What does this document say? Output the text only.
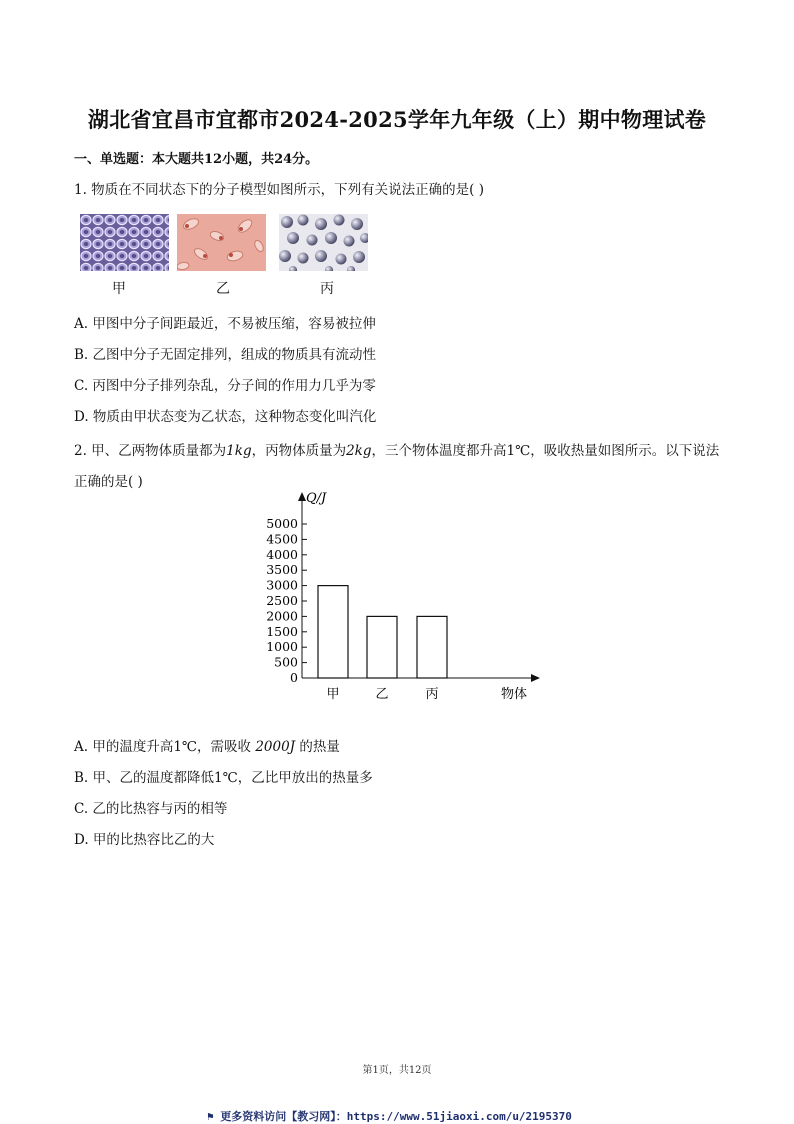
湖北省宜昌市宜都市2024-2025学年九年级（上）期中物理试卷
一、单选题：本大题共12小题，共24分。
1. 物质在不同状态下的分子模型如图所示，下列有关说法正确的是( )
甲	乙	丙
A. 甲图中分子间距最近，不易被压缩，容易被拉伸
B. 乙图中分子无固定排列，组成的物质具有流动性
C. 丙图中分子排列杂乱，分子间的作用力几乎为零
D. 物质由甲状态变为乙状态，这种物态变化叫汽化
2. 甲、乙两物体质量都为1kg，丙物体质量为2kg，三个物体温度都升高1℃，吸收热量如图所示。以下说法正确的是( )
Q/J
物体
0
500
1000
1500
2000
2500
3000
3500
4000
4500
5000
甲	乙	丙
A. 甲的温度升高1℃，需吸收 2000J 的热量
B. 甲、乙的温度都降低1℃，乙比甲放出的热量多
C. 乙的比热容与丙的相等
D. 甲的比热容比乙的大
第1页，共12页
⚑ 更多资料访问【教习网】：https://www.51jiaoxi.com/u/2195370
